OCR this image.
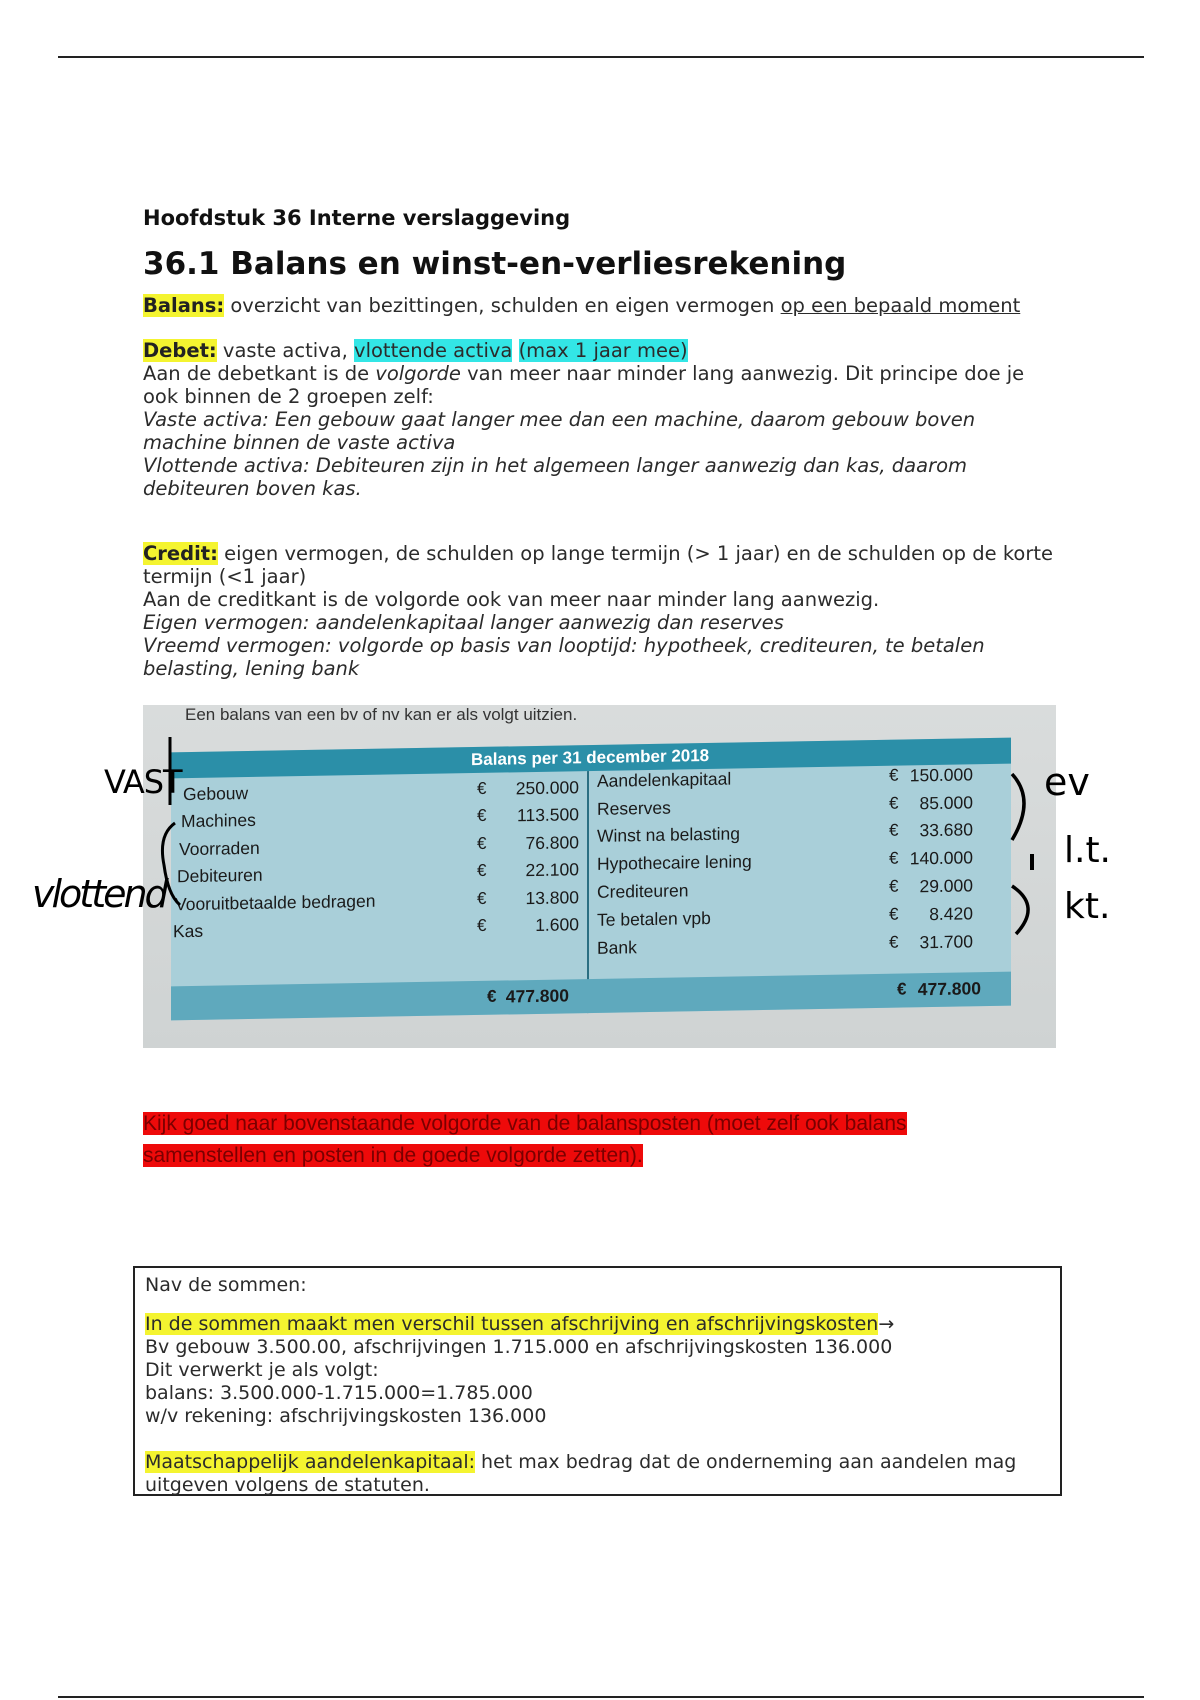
Hoofdstuk 36 Interne verslaggeving
36.1 Balans en winst-en-verliesrekening

Balans: overzicht van bezittingen, schulden en eigen vermogen op een bepaald moment

Debet: vaste activa, vlottende activa (max 1 jaar mee)

Aan de debetkant is de volgorde van meer naar minder lang aanwezig. Dit principe doe je ook binnen de 2 groepen zelf:

Vaste activa: Een gebouw gaat langer mee dan een machine, daarom gebouw boven machine binnen de vaste activa

Vlottende activa: Debiteuren zijn in het algemeen langer aanwezig dan kas, daarom debiteuren boven kas.

Credit: eigen vermogen, de schulden op lange termijn (> 1 jaar) en de schulden op de korte termijn (<1 jaar)

Aan de creditkant is de volgorde ook van meer naar minder lang aanwezig.

Eigen vermogen: aandelenkapitaal langer aanwezig dan reserves

Vreemd vermogen: volgorde op basis van looptijd: hypotheek, crediteuren, te betalen belasting, lening bank

Een balans van een bv of nv kan er als volgt uitzien.
Balans per 31 december 2018
Gebouw
Machines
Voorraden
Debiteuren
Vooruitbetaalde bedragen
Kas
€
€
€
€
€
€
250.000
113.500
76.800
22.100
13.800
1.600
Aandelenkapitaal
Reserves
Winst na belasting
Hypothecaire lening
Crediteuren
Te betalen vpb
Bank
€
€
€
€
€
€
€
150.000
85.000
33.680
140.000
29.000
8.420
31.700
€ 477.800	€ 477.800
VAST
vlottend
ev
l.t.
kt.
Kijk goed naar bovenstaande volgorde van de balansposten (moet zelf ook balans samenstellen en posten in de goede volgorde zetten).

Nav de sommen:

In de sommen maakt men verschil tussen afschrijving en afschrijvingskosten→

Bv gebouw 3.500.00, afschrijvingen 1.715.000 en afschrijvingskosten 136.000

Dit verwerkt je als volgt:

balans: 3.500.000-1.715.000=1.785.000

w/v rekening: afschrijvingskosten 136.000

Maatschappelijk aandelenkapitaal: het max bedrag dat de onderneming aan aandelen mag uitgeven volgens de statuten.
